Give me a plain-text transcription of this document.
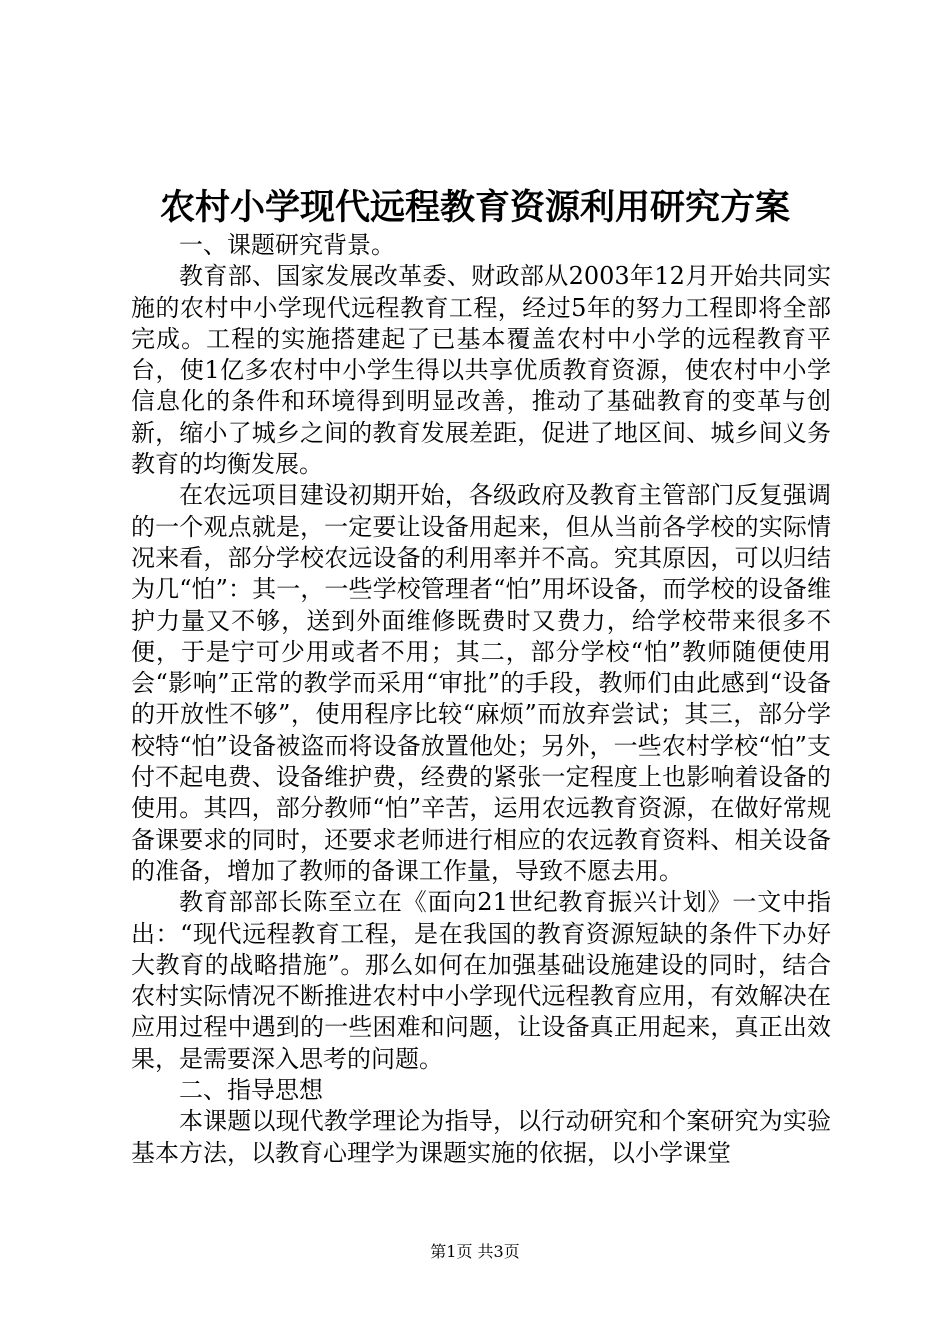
农村小学现代远程教育资源利用研究方案

一、课题研究背景。

教育部、国家发展改革委、财政部从2003年12月开始共同实施的农村中小学现代远程教育工程，经过5年的努力工程即将全部完成。工程的实施搭建起了已基本覆盖农村中小学的远程教育平台，使1亿多农村中小学生得以共享优质教育资源，使农村中小学信息化的条件和环境得到明显改善，推动了基础教育的变革与创新，缩小了城乡之间的教育发展差距，促进了地区间、城乡间义务教育的均衡发展。

在农远项目建设初期开始，各级政府及教育主管部门反复强调的一个观点就是，一定要让设备用起来，但从当前各学校的实际情况来看，部分学校农远设备的利用率并不高。究其原因，可以归结为几“怕”：其一，一些学校管理者“怕”用坏设备，而学校的设备维护力量又不够，送到外面维修既费时又费力，给学校带来很多不便，于是宁可少用或者不用；其二，部分学校“怕”教师随便使用会“影响”正常的教学而采用“审批”的手段，教师们由此感到“设备的开放性不够”，使用程序比较“麻烦”而放弃尝试；其三，部分学校特“怕”设备被盗而将设备放置他处；另外，一些农村学校“怕”支付不起电费、设备维护费，经费的紧张一定程度上也影响着设备的使用。其四，部分教师“怕”辛苦，运用农远教育资源，在做好常规备课要求的同时，还要求老师进行相应的农远教育资料、相关设备的准备，增加了教师的备课工作量，导致不愿去用。

教育部部长陈至立在《面向21世纪教育振兴计划》一文中指出：“现代远程教育工程，是在我国的教育资源短缺的条件下办好大教育的战略措施”。那么如何在加强基础设施建设的同时，结合农村实际情况不断推进农村中小学现代远程教育应用，有效解决在应用过程中遇到的一些困难和问题，让设备真正用起来，真正出效果，是需要深入思考的问题。

二、指导思想

本课题以现代教学理论为指导，以行动研究和个案研究为实验基本方法，以教育心理学为课题实施的依据，以小学课堂

第1页 共3页
